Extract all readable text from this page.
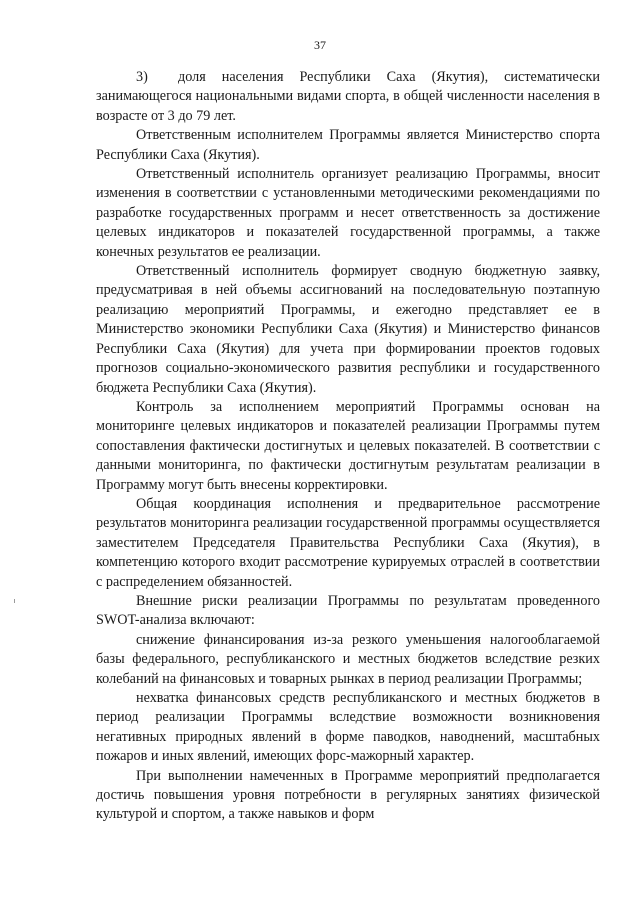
37

3)  доля населения Республики Саха (Якутия), систематически занимающегося национальными видами спорта, в общей численности населения в возрасте от 3 до 79 лет.

Ответственным исполнителем Программы является Министерство спорта Республики Саха (Якутия).

Ответственный исполнитель организует реализацию Программы, вносит изменения в соответствии с установленными методическими рекомендациями по разработке государственных программ и несет ответственность за достижение целевых индикаторов и показателей государственной программы, а также конечных результатов ее реализации.

Ответственный исполнитель формирует сводную бюджетную заявку, предусматривая в ней объемы ассигнований на последовательную поэтапную реализацию мероприятий Программы, и ежегодно представляет ее в Министерство экономики Республики Саха (Якутия) и Министерство финансов Республики Саха (Якутия) для учета при формировании проектов годовых прогнозов социально-экономического развития республики и государственного бюджета Республики Саха (Якутия).

Контроль за исполнением мероприятий Программы основан на мониторинге целевых индикаторов и показателей реализации Программы путем сопоставления фактически достигнутых и целевых показателей. В соответствии с данными мониторинга, по фактически достигнутым результатам реализации в Программу могут быть внесены корректировки.

Общая координация исполнения и предварительное рассмотрение результатов мониторинга реализации государственной программы осуществляется заместителем Председателя Правительства Республики Саха (Якутия), в компетенцию которого входит рассмотрение курируемых отраслей в соответствии с распределением обязанностей.

Внешние риски реализации Программы по результатам проведенного SWOT-анализа включают:

снижение финансирования из-за резкого уменьшения налогооблагаемой базы федерального, республиканского и местных бюджетов вследствие резких колебаний на финансовых и товарных рынках в период реализации Программы;

нехватка финансовых средств республиканского и местных бюджетов в период реализации Программы вследствие возможности возникновения негативных природных явлений в форме паводков, наводнений, масштабных пожаров и иных явлений, имеющих форс-мажорный характер.

При выполнении намеченных в Программе мероприятий предполагается достичь повышения уровня потребности в регулярных занятиях физической культурой и спортом, а также навыков и форм
